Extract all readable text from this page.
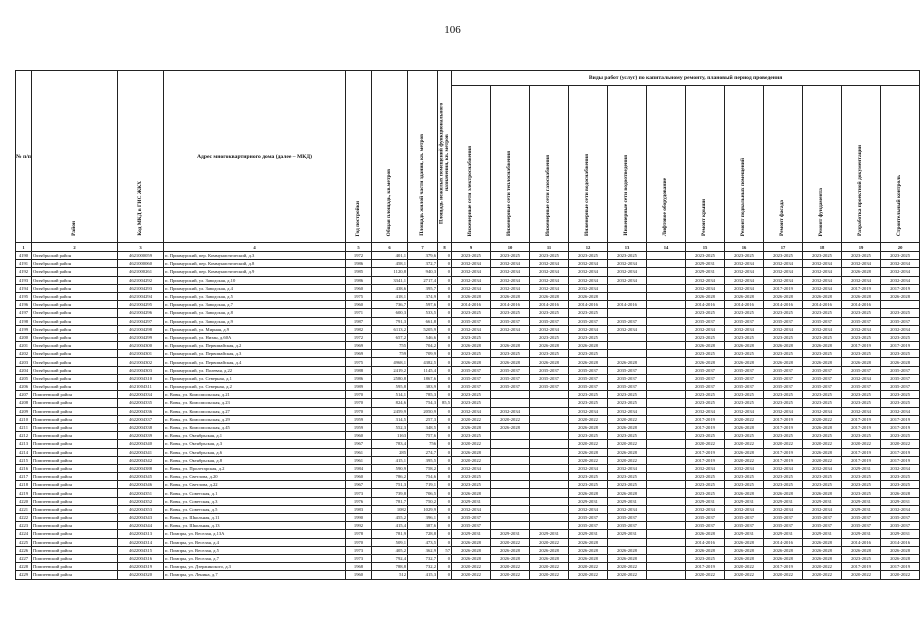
106
№ п/п	Район	Код МКД в ГИС ЖКХ	Адрес многоквартирного дома (далее – МКД)	Год постройки	Общая площадь, кв.метров	Площадь жилой части здания, кв. метров	Площадь нежилых помещений функционального назначения, кв. метров	Виды работ (услуг) по капитальному ремонту, плановый период проведения											

								Инженерные сети электроснабжения	Инженерные сети теплоснабжения	Инженерные сети газоснабжения	Инженерные сети водоснабжения	Инженерные сети водоотведения	Лифтовое оборудование	Ремонт крыши	Ремонт подвальных помещений	Ремонт фасада	Ремонт фундамента	Разработка проектной документации	Строительный контроль

1	2	3	4	5	6	7	8	9	10	11	12	13	14	15	16	17	18	19	20
4190	Октябрьский район	4621000059	п. Приамурский, пер. Коммунистический, д.3	1972	401,1	379,6	0	2023-2025	2023-2025	2023-2025	2023-2025	2023-2025		2023-2025	2023-2025	2023-2025	2023-2025	2023-2025	2023-2025
4191	Октябрьский район	4621000060	п. Приамурский, пер. Коммунистический, д.8	1986	458,1	372,7	0	2032-2034	2032-2034	2032-2034	2032-2034	2032-2034		2029-2031	2032-2034	2032-2034	2032-2034	2032-2034	2032-2034
4192	Октябрьский район	4621000261	п. Приамурский, пер. Коммунистический, д.9	1985	1120,8	940,3	0	2032-2034	2032-2034	2032-2034	2032-2034	2032-2034		2029-2031	2032-2034	2032-2034	2032-2034	2026-2028	2032-2034
4193	Октябрьский район	4621004292	п. Приамурский, ул. Заводская, д.10	1986	3341,1	2717,4	0	2032-2034	2032-2034	2032-2034	2032-2034	2032-2034		2032-2034	2032-2034	2032-2034	2032-2034	2032-2034	2032-2034
4194	Октябрьский район	4621004293	п. Приамурский, ул. Заводская, д.4	1960	438,6	395,7	0	2032-2034	2032-2034	2032-2034	2032-2034			2032-2034	2032-2034	2017-2019	2032-2034	2017-2019	2017-2019
4195	Октябрьский район	4621004294	п. Приамурский, ул. Заводская, д.5	1975	418,1	374,9	0	2026-2028	2026-2028	2026-2028	2026-2028			2026-2028	2026-2028	2026-2028	2026-2028	2026-2028	2026-2028
4196	Октябрьский район	4621004295	п. Приамурский, ул. Заводская, д.7	1960	736,7	597,6	0	2014-2016	2014-2016	2014-2016	2014-2016	2014-2016		2014-2016	2014-2016	2014-2016	2014-2016	2014-2016	
4197	Октябрьский район	4621004296	п. Приамурский, ул. Заводская, д.8	1971	600,3	533,5	0	2023-2025	2023-2025	2023-2025	2023-2025			2023-2025	2023-2025	2023-2025	2023-2025	2023-2025	2023-2025
4198	Октябрьский район	4621004297	п. Приамурский, ул. Заводская, д.9	1987	791,3	661,8	0	2035-2037	2035-2037	2035-2037	2035-2037	2035-2037		2035-2037	2035-2037	2035-2037	2035-2037	2035-2037	2035-2037
4199	Октябрьский район	4621004298	п. Приамурский, ул. Мирная, д.9	1982	6113,2	5205,9	0	2032-2034	2032-2034	2032-2034	2032-2034	2032-2034		2032-2034	2032-2034	2032-2034	2032-2034	2032-2034	2032-2034
4200	Октябрьский район	4621004299	п. Приамурский, ул. Низан, д.60А	1972	657,2	546,6	0	2023-2025		2023-2025	2023-2025			2023-2025	2023-2025	2023-2025	2023-2025	2023-2025	2023-2025
4201	Октябрьский район	4621004300	п. Приамурский, ул. Первомайская, д.2	1969	755	704,2	0	2026-2028	2026-2028	2026-2028	2026-2028			2026-2028	2026-2028	2026-2028	2026-2028	2017-2019	2017-2019
4202	Октябрьский район	4621004301	п. Приамурский, ул. Первомайская, д.3	1969	759	709,9	0	2023-2025	2023-2025	2023-2025	2023-2025			2023-2025	2023-2025	2023-2025	2023-2025	2023-2025	2023-2025
4203	Октябрьский район	4621004302	п. Приамурский, ул. Первомайская, д.4	1975	4968,1	4382,5	0	2026-2028	2026-2028	2026-2028	2026-2028	2026-2028		2026-2028	2026-2028	2026-2028	2026-2028	2026-2028	2026-2028
4204	Октябрьский район	4621004303	п. Приамурский, ул. Полевая, д.22	1988	2419,2	1145,4	0	2035-2037	2035-2037	2035-2037	2035-2037	2035-2037		2035-2037	2035-2037	2035-2037	2035-2037	2035-2037	2035-2037
4205	Октябрьский район	4621004310	п. Приамурский, ул. Северная, д.1	1986	2580,8	1867,6	0	2035-2037	2035-2037	2035-2037	2035-2037	2035-2037		2035-2037	2035-2037	2035-2037	2035-2037	2032-2034	2035-2037
4206	Октябрьский район	4621004311	п. Приамурский, ул. Северная, д.2	1989	595,8	383,9	0	2035-2037	2035-2037	2035-2037	2035-2037	2035-2037		2035-2037	2035-2037	2035-2037	2035-2037	2035-2037	2035-2037
4207	Помпеевский район	4622004334	п. Вовы, ул. Комсомольская, д.21	1970	514,1	785,3	0	2023-2025			2023-2025	2023-2025		2023-2025	2023-2025	2023-2025	2023-2025	2023-2025	2023-2025
4208	Помпеевский район	4622004335	п. Вовы, ул. Комсомольская, д.23	1970	824,6	754,3	85,5	2023-2025			2023-2025	2023-2025		2023-2025	2023-2025	2023-2025	2023-2025	2023-2025	2023-2025
4209	Помпеевский район	4622004336	п. Вовы, ул. Комсомольская, д.27	1970	2459,9	2050,9	0	2032-2034	2032-2034		2032-2034	2032-2034		2032-2034	2032-2034	2032-2034	2032-2034	2032-2034	2032-2034
4210	Помпеевский район	4622004337	п. Вовы, ул. Комсомольская, д.29	1959	314,5	257,3	0	2020-2022	2020-2022		2020-2022	2020-2022		2017-2019	2020-2022	2017-2019	2020-2022	2017-2019	2017-2019
4211	Помпеевский район	4622004338	п. Вовы, ул. Комсомольская, д.45	1959	552,3	348,5	0	2026-2028	2026-2028		2026-2028	2026-2028		2017-2019	2026-2028	2017-2019	2026-2028	2017-2019	2017-2019
4212	Помпеевский район	4622004339	п. Вовы, ул. Октябрьская, д.1	1960	1163	757,6	0	2023-2025			2023-2025	2023-2025		2023-2025	2023-2025	2023-2025	2023-2025	2023-2025	2023-2025
4213	Помпеевский район	4622004340	п. Вовы, ул. Октябрьская, д.3	1967	783,4	756	0	2020-2022			2020-2022	2020-2022		2020-2022	2020-2022	2020-2022	2020-2022	2020-2022	2020-2022
4214	Помпеевский район	4622004341	п. Вовы, ул. Октябрьская, д.6	1961	285	274,7	0	2026-2028			2026-2028	2026-2028		2017-2019	2026-2028	2017-2019	2026-2028	2017-2019	2017-2019
4215	Помпеевский район	4622004342	п. Вовы, ул. Октябрьская, д.8	1961	415,1	395,5	0	2020-2022			2020-2022	2020-2022		2017-2019	2020-2022	2017-2019	2020-2022	2017-2019	2017-2019
4216	Помпеевский район	4622004388	п. Вовы, ул. Пролетарская, д.2	1984	590,9	758,2	0	2032-2034			2032-2034	2032-2034		2032-2034	2032-2034	2032-2034	2032-2034	2029-2031	2032-2034
4217	Помпеевский район	4622004345	п. Вовы, ул. Светлова, д.20	1960	786,2	754,6	0	2023-2025			2023-2025	2023-2025		2023-2025	2023-2025	2023-2025	2023-2025	2023-2025	2023-2025
4218	Помпеевский район	4622004346	п. Вовы, ул. Светлова, д.22	1967	751,3	719,1	0	2023-2025			2023-2025	2023-2025		2023-2025	2023-2025	2023-2025	2023-2025	2023-2025	2023-2025
4219	Помпеевский район	4622004351	п. Вовы, ул. Советская, д.1	1973	739,8	706,5	0	2026-2028			2026-2028	2026-2028		2023-2025	2026-2028	2026-2028	2026-2028	2023-2025	2026-2028
4220	Помпеевский район	4622004352	п. Вовы, ул. Советская, д.3	1976	781,7	750,2	0	2029-2031			2029-2031	2029-2031		2029-2031	2029-2031	2029-2031	2029-2031	2029-2031	2029-2031
4221	Помпеевский район	4622004353	п. Вовы, ул. Советская, д.5	1983	1082	1029,9	0	2032-2034			2032-2034	2032-2034		2032-2034	2032-2034	2032-2034	2032-2034	2029-2031	2032-2034
4222	Помпеевский район	4622004343	п. Вовы, ул. Школьная, д.11	1990	455,2	396,1	0	2035-2037			2035-2037	2035-2037		2035-2037	2035-2037	2035-2037	2035-2037	2035-2037	2035-2037
4223	Помпеевский район	4622004344	п. Вовы, ул. Школьная, д.13	1992	415,4	387,6	0	2035-2037			2035-2037	2035-2037		2035-2037	2035-2037	2035-2037	2035-2037	2035-2037	2035-2037
4224	Помпеевский район	4622004313	п. Помпры, ул. Веселая, д.13А	1978	781,9	728,8	0	2029-2031	2029-2031	2029-2031	2029-2031	2029-2031		2026-2028	2029-2031	2029-2031	2029-2031	2029-2031	2029-2031
4225	Помпеевский район	4622004314	п. Помпры, ул. Веселая, д.4	1970	509,1	473,5	0	2026-2028	2020-2022	2020-2022	2026-2028			2014-2016	2026-2028	2014-2016	2026-2028	2014-2016	2014-2016
4226	Помпеевский район	4622004315	п. Помпры, ул. Веселая, д.5	1973	405,2	362,9	57	2026-2028	2026-2028	2026-2028	2026-2028	2026-2028		2026-2028	2026-2028	2026-2028	2026-2028	2026-2028	2026-2028
4227	Помпеевский район	4622004316	п. Помпры, ул. Веселая, д.7	1973	792,4	732,7	0	2026-2028	2026-2028	2026-2028	2026-2028	2026-2028		2023-2025	2026-2028	2026-2028	2026-2028	2023-2025	2026-2028
4228	Помпеевский район	4622004319	п. Помпры, ул. Дзержинского, д.3	1968	788,8	732,2	0	2020-2022	2020-2022	2020-2022	2020-2022	2020-2022		2017-2019	2020-2022	2017-2019	2020-2022	2017-2019	2017-2019
4229	Помпеевский район	4622004320	п. Помпры, ул. Ленина, д.7	1960	512	415,3	0	2020-2022	2020-2022	2020-2022	2020-2022	2020-2022		2020-2022	2020-2022	2020-2022	2020-2022	2020-2022	2020-2022
